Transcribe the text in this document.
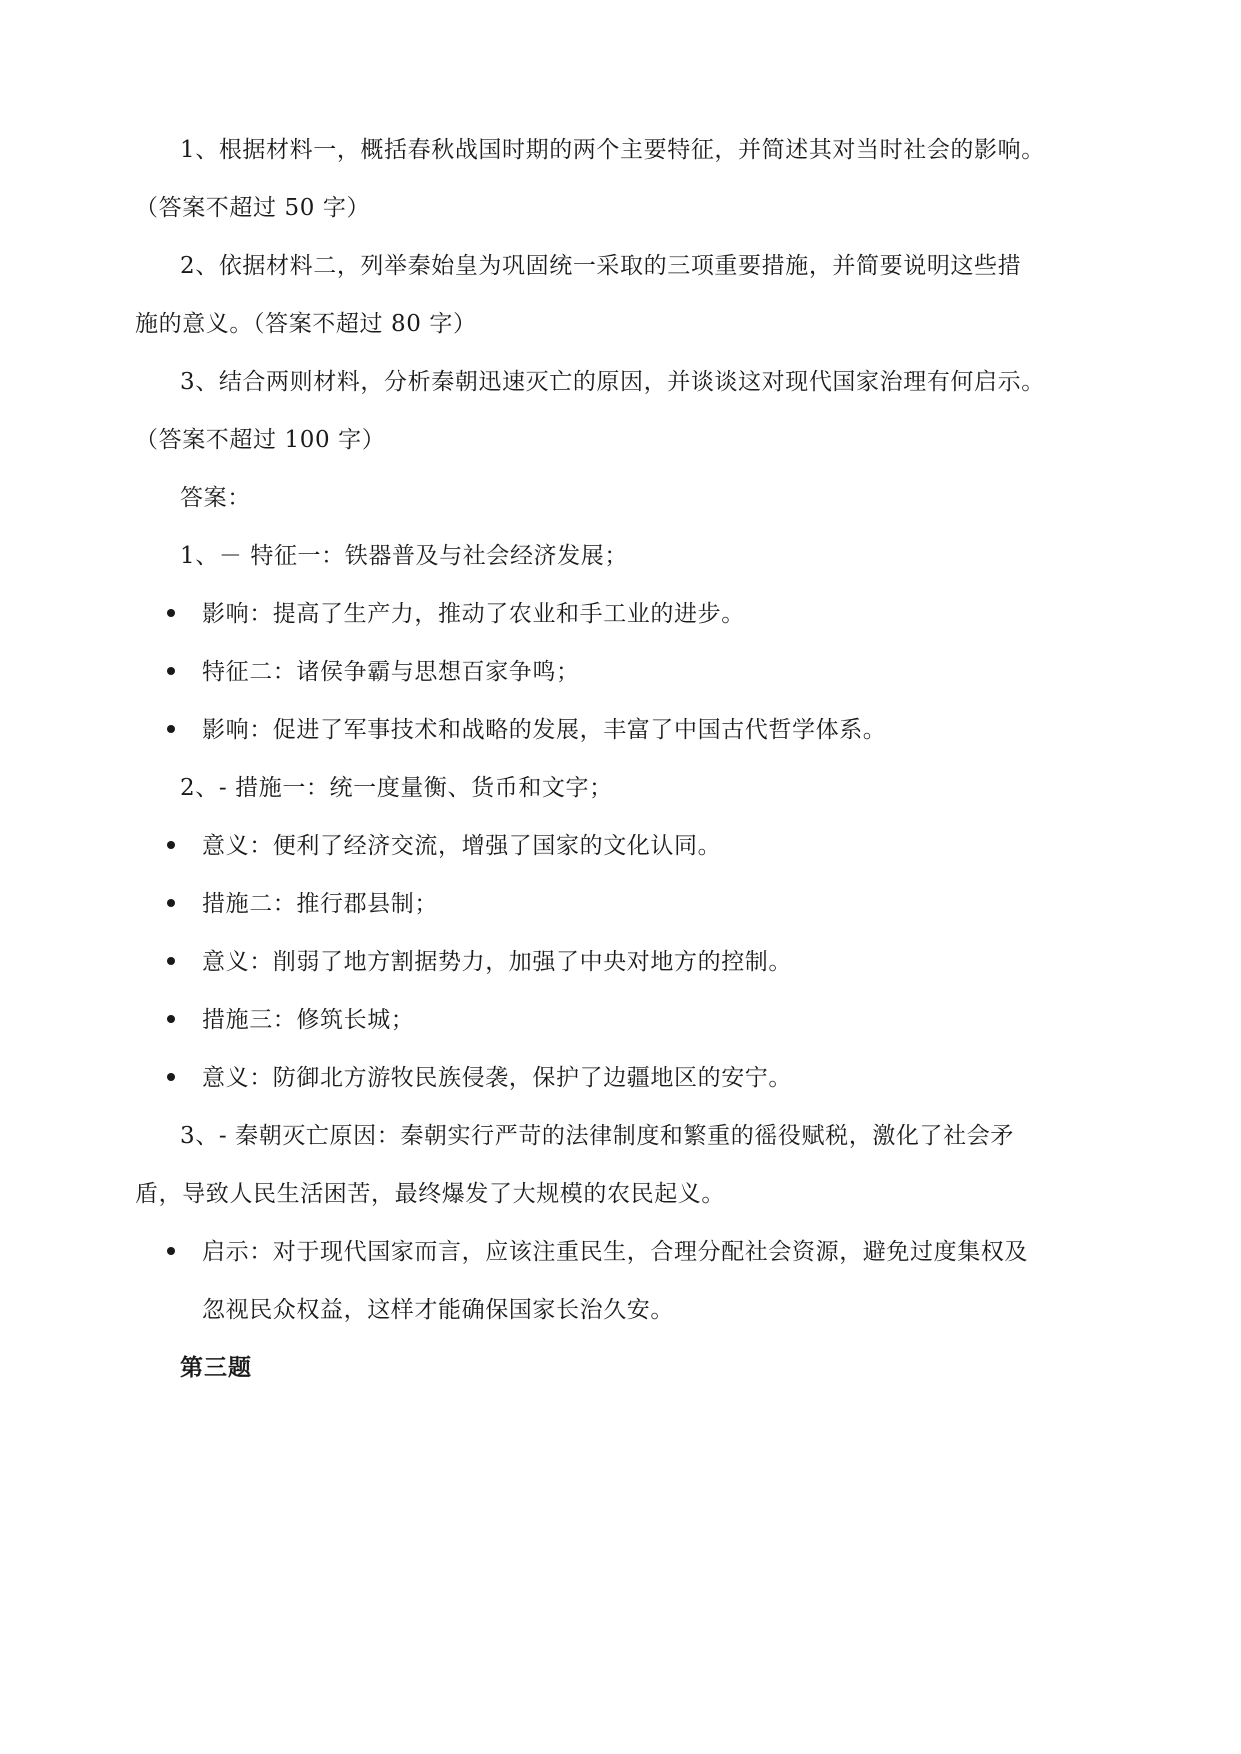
1、根据材料一，概括春秋战国时期的两个主要特征，并简述其对当时社会的影响。
（答案不超过 50 字）
2、依据材料二，列举秦始皇为巩固统一采取的三项重要措施，并简要说明这些措
施的意义。（答案不超过 80 字）
3、结合两则材料，分析秦朝迅速灭亡的原因，并谈谈这对现代国家治理有何启示。
（答案不超过 100 字）
答案：
1、－ 特征一：铁器普及与社会经济发展；
影响：提高了生产力，推动了农业和手工业的进步。
特征二：诸侯争霸与思想百家争鸣；
影响：促进了军事技术和战略的发展，丰富了中国古代哲学体系。
2、- 措施一：统一度量衡、货币和文字；
意义：便利了经济交流，增强了国家的文化认同。
措施二：推行郡县制；
意义：削弱了地方割据势力，加强了中央对地方的控制。
措施三：修筑长城；
意义：防御北方游牧民族侵袭，保护了边疆地区的安宁。
3、- 秦朝灭亡原因：秦朝实行严苛的法律制度和繁重的徭役赋税，激化了社会矛
盾，导致人民生活困苦，最终爆发了大规模的农民起义。
启示：对于现代国家而言，应该注重民生，合理分配社会资源，避免过度集权及
忽视民众权益，这样才能确保国家长治久安。
第三题
